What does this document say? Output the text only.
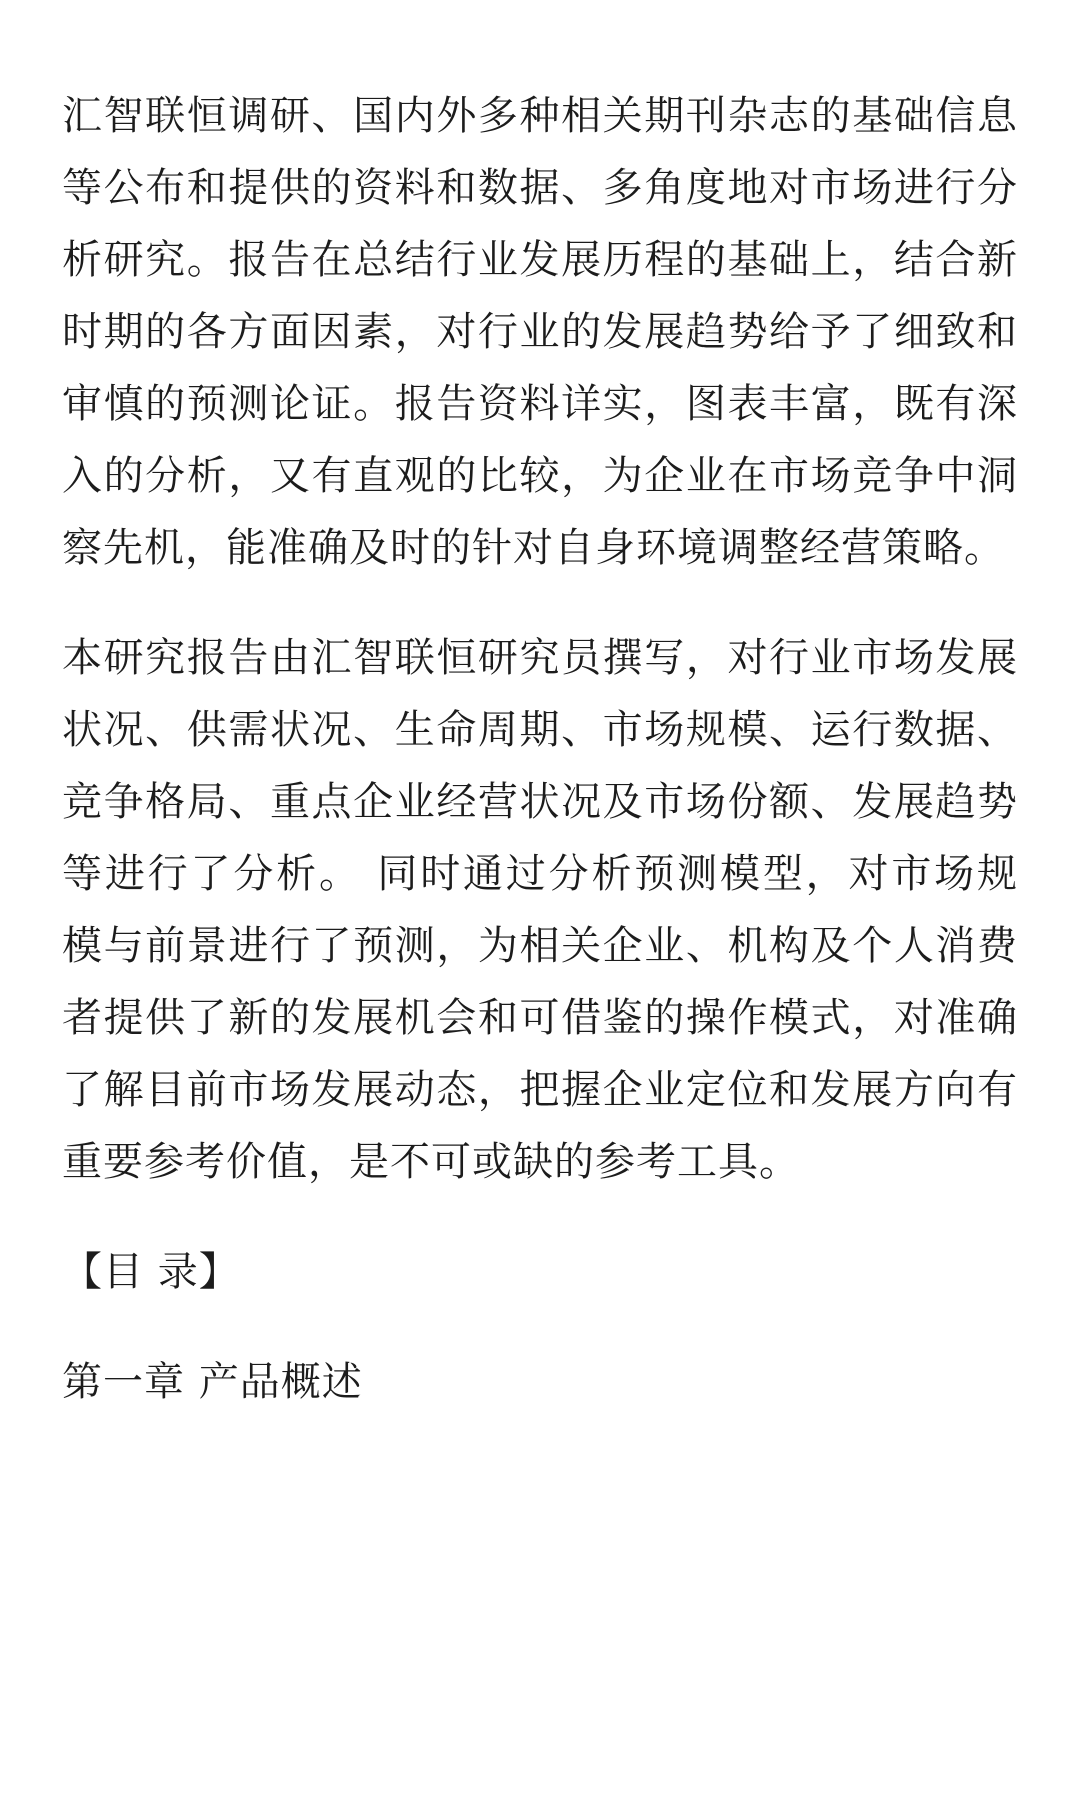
汇智联恒调研、国内外多种相关期刊杂志的基础信息等公布和提供的资料和数据、多角度地对市场进行分析研究。报告在总结行业发展历程的基础上，结合新时期的各方面因素，对行业的发展趋势给予了细致和审慎的预测论证。报告资料详实，图表丰富，既有深入的分析，又有直观的比较，为企业在市场竞争中洞察先机，能准确及时的针对自身环境调整经营策略。

本研究报告由汇智联恒研究员撰写，对行业市场发展状况、供需状况、生命周期、市场规模、运行数据、竞争格局、重点企业经营状况及市场份额、发展趋势等进行了分析。 同时通过分析预测模型，对市场规模与前景进行了预测，为相关企业、机构及个人消费者提供了新的发展机会和可借鉴的操作模式，对准确了解目前市场发展动态，把握企业定位和发展方向有重要参考价值，是不可或缺的参考工具。

【目 录】

第一章 产品概述
